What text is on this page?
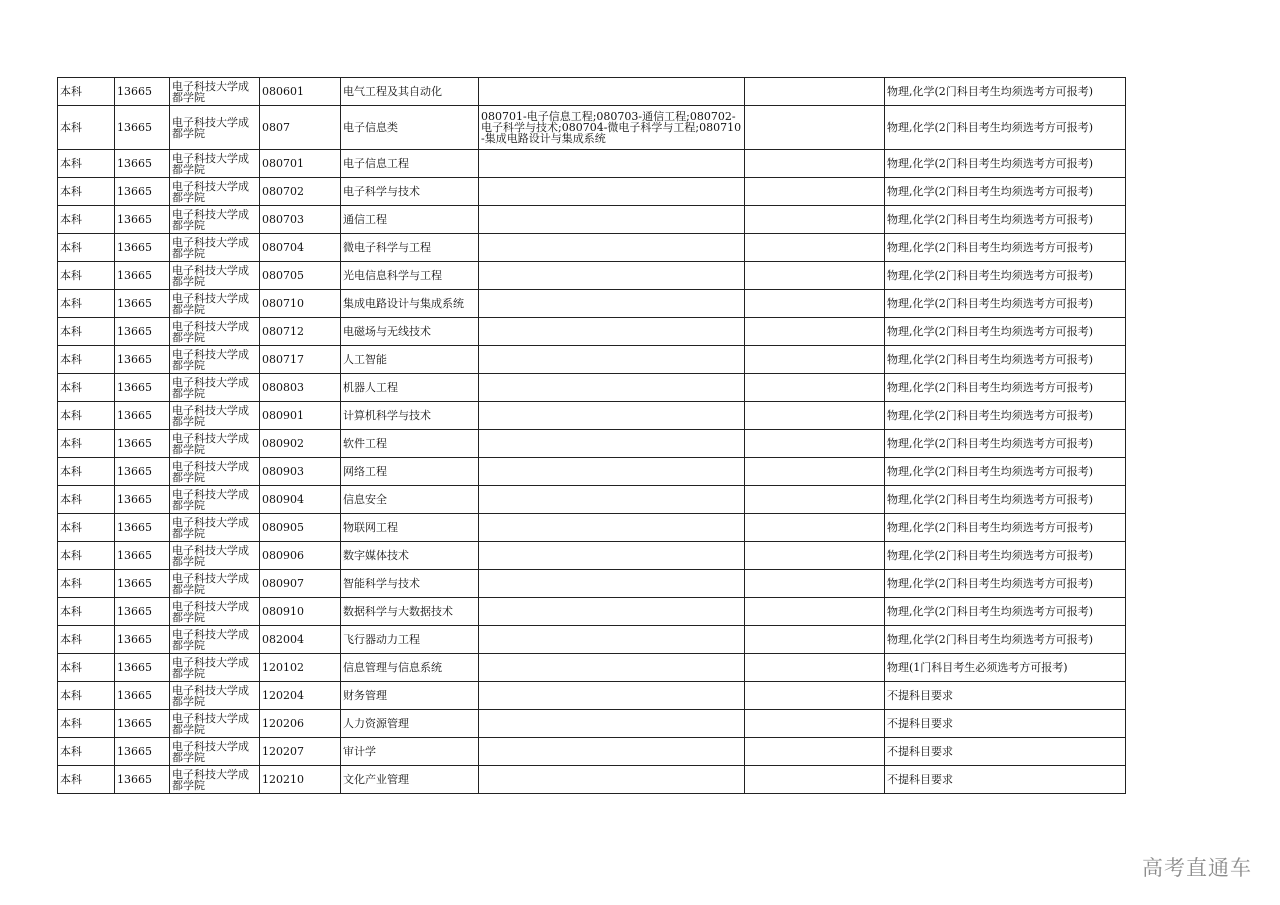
本科	13665	电子科技大学成都学院	080601	电气工程及其自动化			物理,化学(2门科目考生均须选考方可报考)
本科	13665	电子科技大学成都学院	0807	电子信息类	080701-电子信息工程;080703-通信工程;080702-电子科学与技术;080704-微电子科学与工程;080710-集成电路设计与集成系统		物理,化学(2门科目考生均须选考方可报考)
本科	13665	电子科技大学成都学院	080701	电子信息工程			物理,化学(2门科目考生均须选考方可报考)
本科	13665	电子科技大学成都学院	080702	电子科学与技术			物理,化学(2门科目考生均须选考方可报考)
本科	13665	电子科技大学成都学院	080703	通信工程			物理,化学(2门科目考生均须选考方可报考)
本科	13665	电子科技大学成都学院	080704	微电子科学与工程			物理,化学(2门科目考生均须选考方可报考)
本科	13665	电子科技大学成都学院	080705	光电信息科学与工程			物理,化学(2门科目考生均须选考方可报考)
本科	13665	电子科技大学成都学院	080710	集成电路设计与集成系统			物理,化学(2门科目考生均须选考方可报考)
本科	13665	电子科技大学成都学院	080712	电磁场与无线技术			物理,化学(2门科目考生均须选考方可报考)
本科	13665	电子科技大学成都学院	080717	人工智能			物理,化学(2门科目考生均须选考方可报考)
本科	13665	电子科技大学成都学院	080803	机器人工程			物理,化学(2门科目考生均须选考方可报考)
本科	13665	电子科技大学成都学院	080901	计算机科学与技术			物理,化学(2门科目考生均须选考方可报考)
本科	13665	电子科技大学成都学院	080902	软件工程			物理,化学(2门科目考生均须选考方可报考)
本科	13665	电子科技大学成都学院	080903	网络工程			物理,化学(2门科目考生均须选考方可报考)
本科	13665	电子科技大学成都学院	080904	信息安全			物理,化学(2门科目考生均须选考方可报考)
本科	13665	电子科技大学成都学院	080905	物联网工程			物理,化学(2门科目考生均须选考方可报考)
本科	13665	电子科技大学成都学院	080906	数字媒体技术			物理,化学(2门科目考生均须选考方可报考)
本科	13665	电子科技大学成都学院	080907	智能科学与技术			物理,化学(2门科目考生均须选考方可报考)
本科	13665	电子科技大学成都学院	080910	数据科学与大数据技术			物理,化学(2门科目考生均须选考方可报考)
本科	13665	电子科技大学成都学院	082004	飞行器动力工程			物理,化学(2门科目考生均须选考方可报考)
本科	13665	电子科技大学成都学院	120102	信息管理与信息系统			物理(1门科目考生必须选考方可报考)
本科	13665	电子科技大学成都学院	120204	财务管理			不提科目要求
本科	13665	电子科技大学成都学院	120206	人力资源管理			不提科目要求
本科	13665	电子科技大学成都学院	120207	审计学			不提科目要求
本科	13665	电子科技大学成都学院	120210	文化产业管理			不提科目要求
高考直通车
